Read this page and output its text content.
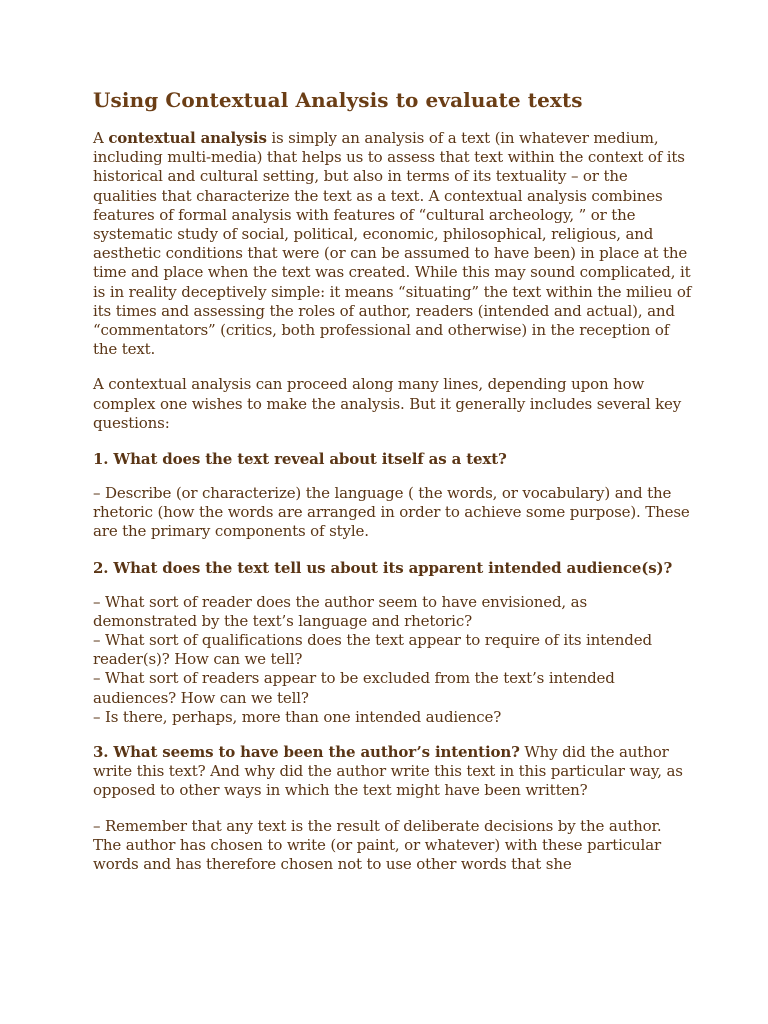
Using Contextual Analysis to evaluate texts

A contextual analysis is simply an analysis of a text (in whatever medium, including multi-media) that helps us to assess that text within the context of its historical and cultural setting, but also in terms of its textuality – or the qualities that characterize the text as a text. A contextual analysis combines features of formal analysis with features of “cultural archeology, ” or the systematic study of social, political, economic, philosophical, religious, and aesthetic conditions that were (or can be assumed to have been) in place at the time and place when the text was created. While this may sound complicated, it is in reality deceptively simple: it means “situating” the text within the milieu of its times and assessing the roles of author, readers (intended and actual), and “commentators” (critics, both professional and otherwise) in the reception of the text.

A contextual analysis can proceed along many lines, depending upon how complex one wishes to make the analysis. But it generally includes several key questions:

1. What does the text reveal about itself as a text?

– Describe (or characterize) the language ( the words, or vocabulary) and the rhetoric (how the words are arranged in order to achieve some purpose). These are the primary components of style.

2. What does the text tell us about its apparent intended audience(s)?

– What sort of reader does the author seem to have envisioned, as demonstrated by the text’s language and rhetoric?
– What sort of qualifications does the text appear to require of its intended reader(s)? How can we tell?
– What sort of readers appear to be excluded from the text’s intended audiences? How can we tell?
– Is there, perhaps, more than one intended audience?

3. What seems to have been the author’s intention? Why did the author write this text? And why did the author write this text in this particular way, as opposed to other ways in which the text might have been written?

– Remember that any text is the result of deliberate decisions by the author. The author has chosen to write (or paint, or whatever) with these particular words and has therefore chosen not to use other words that she
